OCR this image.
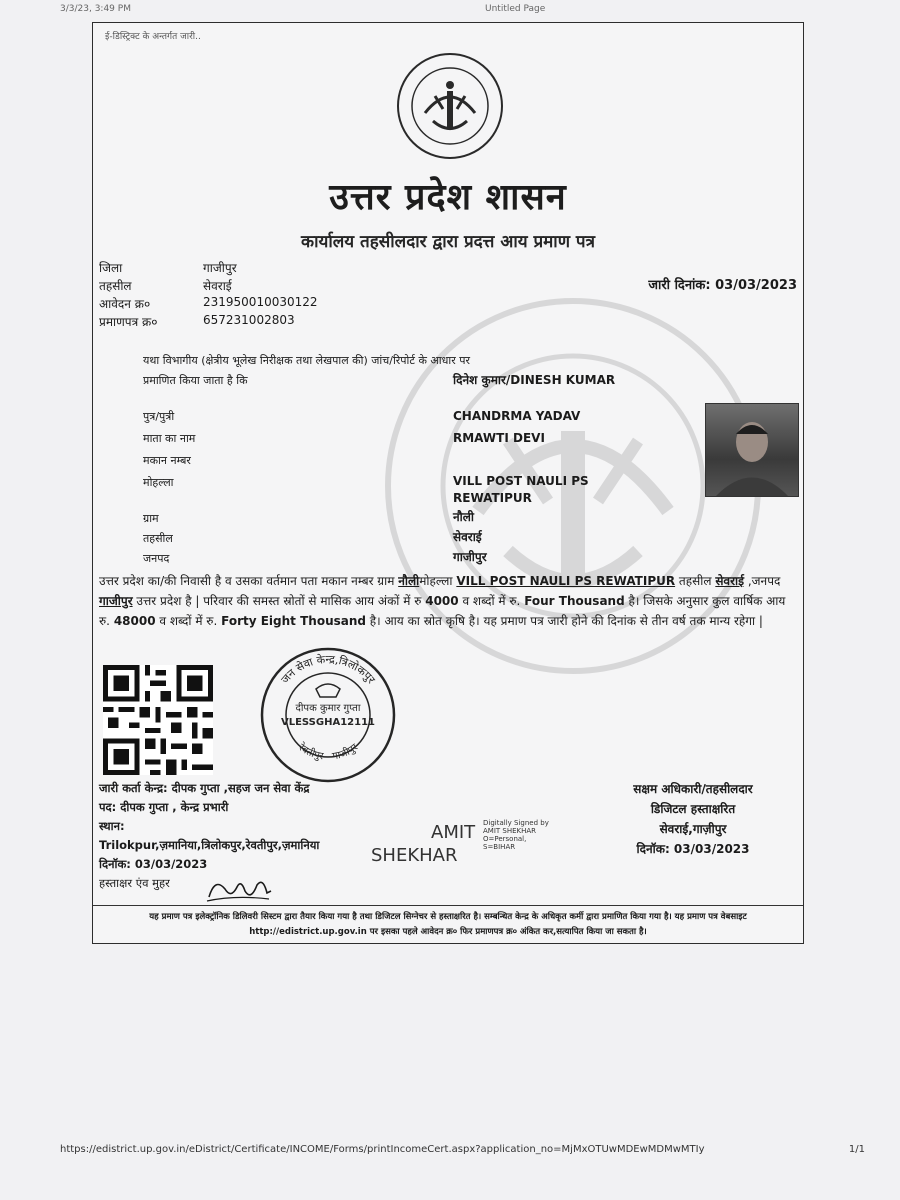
3/3/23, 3:49 PM	Untitled Page
ई-डिस्ट्रिक्ट के अन्तर्गत जारी..
उत्तर प्रदेश शासन
कार्यालय तहसीलदार द्वारा प्रदत्त आय प्रमाण पत्र
जिला	गाजीपुर
तहसील	सेवराई
आवेदन क्र०	231950010030122
प्रमाणपत्र क्र०	657231002803
जारी दिनांक: 03/03/2023
यथा विभागीय (क्षेत्रीय भूलेख निरीक्षक तथा लेखपाल की) जांच/रिपोर्ट के आधार पर
प्रमाणित किया जाता है कि	दिनेश कुमार/DINESH KUMAR
पुत्र/पुत्री	CHANDRMA YADAV
माता का नाम	RMAWTI DEVI
मकान नम्बर
मोहल्ला	VILL POST NAULI PS REWATIPUR
ग्राम	नौली
तहसील	सेवराई
जनपद	गाजीपुर
उत्तर प्रदेश का/की निवासी है व उसका वर्तमान पता मकान नम्बर ग्राम नौलीमोहल्ला VILL POST NAULI PS REWATIPUR तहसील सेवराई ,जनपद गाजीपुर उत्तर प्रदेश है | परिवार की समस्त स्रोतों से मासिक आय अंकों में रु 4000 व शब्दों में रु. Four Thousand है। जिसके अनुसार कुल वार्षिक आय रु. 48000 व शब्दों में रु. Forty Eight Thousand है। आय का स्रोत कृषि है। यह प्रमाण पत्र जारी होने की दिनांक से तीन वर्ष तक मान्य रहेगा |
जन सेवा केन्द्र,त्रिलोकपुर
रेवतीपुर—गाजीपुर
दीपक कुमार गुप्ता
VLESSGHA12111
जारी कर्ता केन्द्र: दीपक गुप्ता ,सहज जन सेवा केंद्र
पद: दीपक गुप्ता , केन्द्र प्रभारी
स्थान:
Trilokpur,ज़मानिया,त्रिलोकपुर,रेवतीपुर,ज़मानिया
दिनॉक: 03/03/2023
हस्ताक्षर एंव मुहर
AMIT
SHEKHAR
Digitally Signed by
AMIT SHEKHAR
O=Personal,
S=BIHAR
सक्षम अधिकारी/तहसीलदार
डिजिटल हस्ताक्षरित
सेवराई,गाज़ीपुर
दिनॉक: 03/03/2023
यह प्रमाण पत्र इलेक्ट्रॉनिक डिलिवरी सिस्टम द्वारा तैयार किया गया है तथा डिजिटल सिग्नेचर से हस्ताक्षरित है। सम्बन्धित केन्द्र के अधिकृत कर्मी द्वारा प्रमाणित किया गया है। यह प्रमाण पत्र वेबसाइट http://edistrict.up.gov.in पर इसका पहले आवेदन क्र० फिर प्रमाणपत्र क्र० अंकित कर,सत्यापित किया जा सकता है।
https://edistrict.up.gov.in/eDistrict/Certificate/INCOME/Forms/printIncomeCert.aspx?application_no=MjMxOTUwMDEwMDMwMTIy	1/1
